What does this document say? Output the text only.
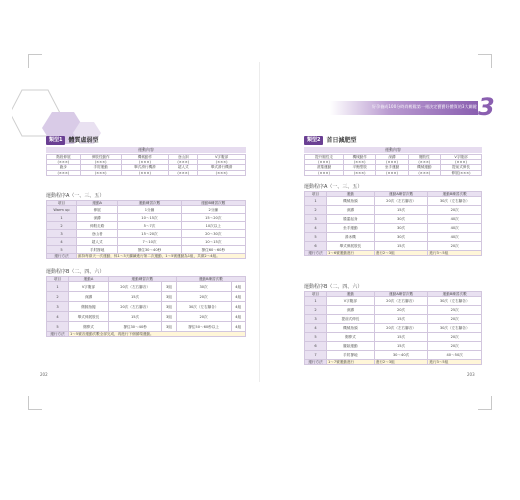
好孕養成100分時尚輕鬆第一週決定寶寶好體質的3大關鍵 3
202	203
類型1	體質虛弱型
運動內容
階段伸展	伸肢性動作	機械動作	登山訓	V字腹部
(×××)	(×××)	(×××)	(×××)	(×××)
跑步	手肘運動	舉式滑行機滑	超人式	舉式滑行機滑
(×××)	(×××)	(×××)	(×××)	(×××)
運動程序A（一、三、五）
項目	運動A	運動練習次數	運動B練習次數
Warm up	伸展	1分鐘	2分鐘
1	深蹲	10～15次	15～20次
2	伸肢走路	5～7次	10次以上
3	登山者	15～20次	20～30次
4	超人式	7～10次	10～15次
5	手肘撐地	撐住30～40秒	撐住60～60秒
運行方法	維持每兩天一次運動，休1～3天繼續進行第二次運動，1～5號運動為1組，共做2～4組。		
運動程序B（二、四、六）
項目	運動A	運動練習次數		運動B練習次數	
1	V字腹部	20次（左右腳各）	3組	30次	4組
2	深蹲	15次	3組	20次	4組
3	側腿抬腿	20次（左右腳各）	3組	30次（左右腳各）	4組
4	舉式伸展肢長	15次	3組	20次	4組
5	側棒式	撐住30～40秒	3組	撐住50～60秒以上	4組
運行方法	1～5號各運動次數全部完成，再進行下個循環運動。				
類型2	首日減肥型
運動內容
提升腿性走	機械動作	深蹲	擺肢性	V字腹部
(×××)	(×××)	(×××)	(×××)	(×××)
滾捲運動	平衡型肢	坐手運動	機械運動	提前式伸長
(×××)	(×××)	(×××)	(×××)	伸展(×××)
運動程序A（一、三、五）
項目	運動	運動A練習次數	運動B練習次數
1	機械抬頭	20次（左右腳各）	30次（左右腳各）
2	深蹲	15次	20次
3	膝蓋起身	30次	40次
4	坐手運動	30次	40次
5	滑冰機	30次	40次
6	舉式伸展肢長	15次	20次
運行方法	1～6號運動進行	進行2～3組	進行3～5組
運動程序B（二、四、六）
項目	運動	運動A練習次數	運動B練習次數
1	V字腹部	20次（左右腳各）	30次（左右腳各）
2	深蹲	20次	25次
3	提前式伸長	15次	20次
4	機械抬頭	20次（左右腳各）	30次（左右腳各）
5	側棒式	15次	20次
6	腰臥運動	15次	20次
7	手肘撐地	30～40次	40～50次
運行方法	1～7號運動進行	進行2～3組	進行3～5組
